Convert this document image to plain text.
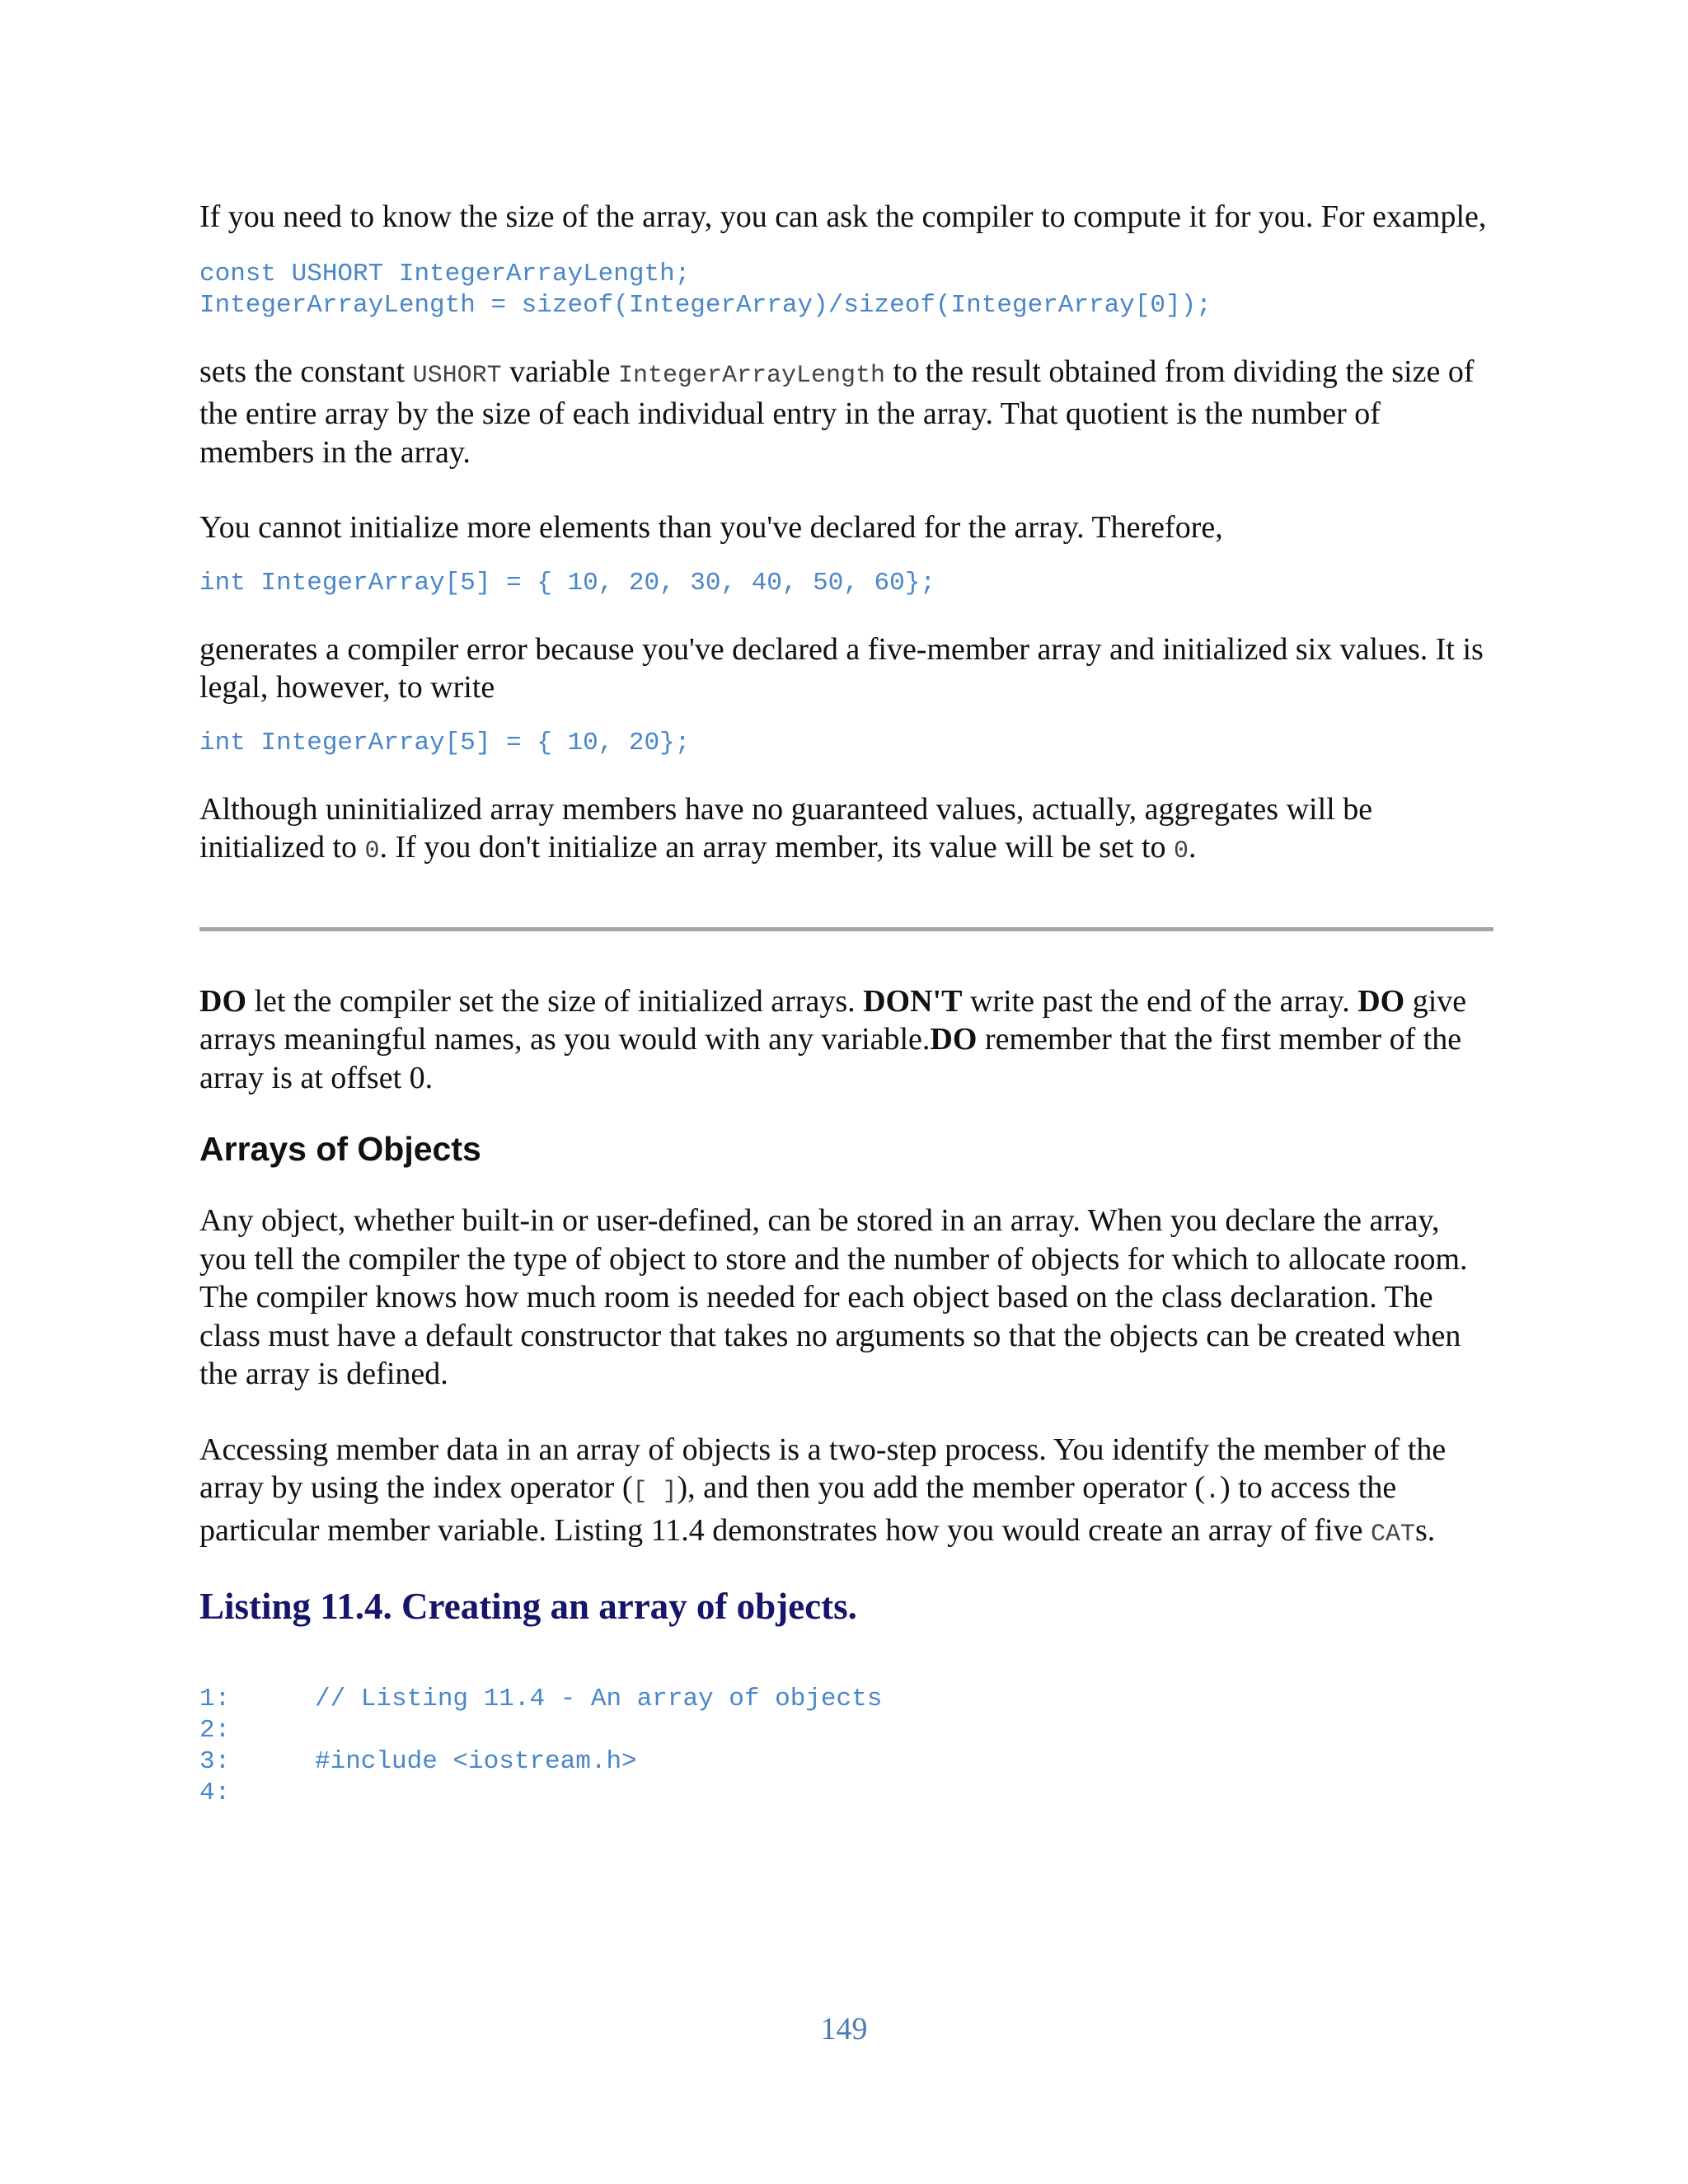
If you need to know the size of the array, you can ask the compiler to compute it for you. For example,

const USHORT IntegerArrayLength;
IntegerArrayLength = sizeof(IntegerArray)/sizeof(IntegerArray[0]);

sets the constant USHORT variable IntegerArrayLength to the result obtained from dividing the size of the entire array by the size of each individual entry in the array. That quotient is the number of members in the array.

You cannot initialize more elements than you've declared for the array. Therefore,

int IntegerArray[5] = { 10, 20, 30, 40, 50, 60};

generates a compiler error because you've declared a five-member array and initialized six values. It is legal, however, to write

int IntegerArray[5] = { 10, 20};

Although uninitialized array members have no guaranteed values, actually, aggregates will be initialized to 0. If you don't initialize an array member, its value will be set to 0.

DO let the compiler set the size of initialized arrays. DON'T write past the end of the array. DO give arrays meaningful names, as you would with any variable.DO remember that the first member of the array is at offset 0.

Arrays of Objects

Any object, whether built-in or user-defined, can be stored in an array. When you declare the array, you tell the compiler the type of object to store and the number of objects for which to allocate room. The compiler knows how much room is needed for each object based on the class declaration. The class must have a default constructor that takes no arguments so that the objects can be created when the array is defined.

Accessing member data in an array of objects is a two-step process. You identify the member of the array by using the index operator ([ ]), and then you add the member operator (.) to access the particular member variable. Listing 11.4 demonstrates how you would create an array of five CATs.

Listing 11.4. Creating an array of objects.
1:	// Listing 11.4 - An array of objects
2:
3:	#include <iostream.h>
4:
149
